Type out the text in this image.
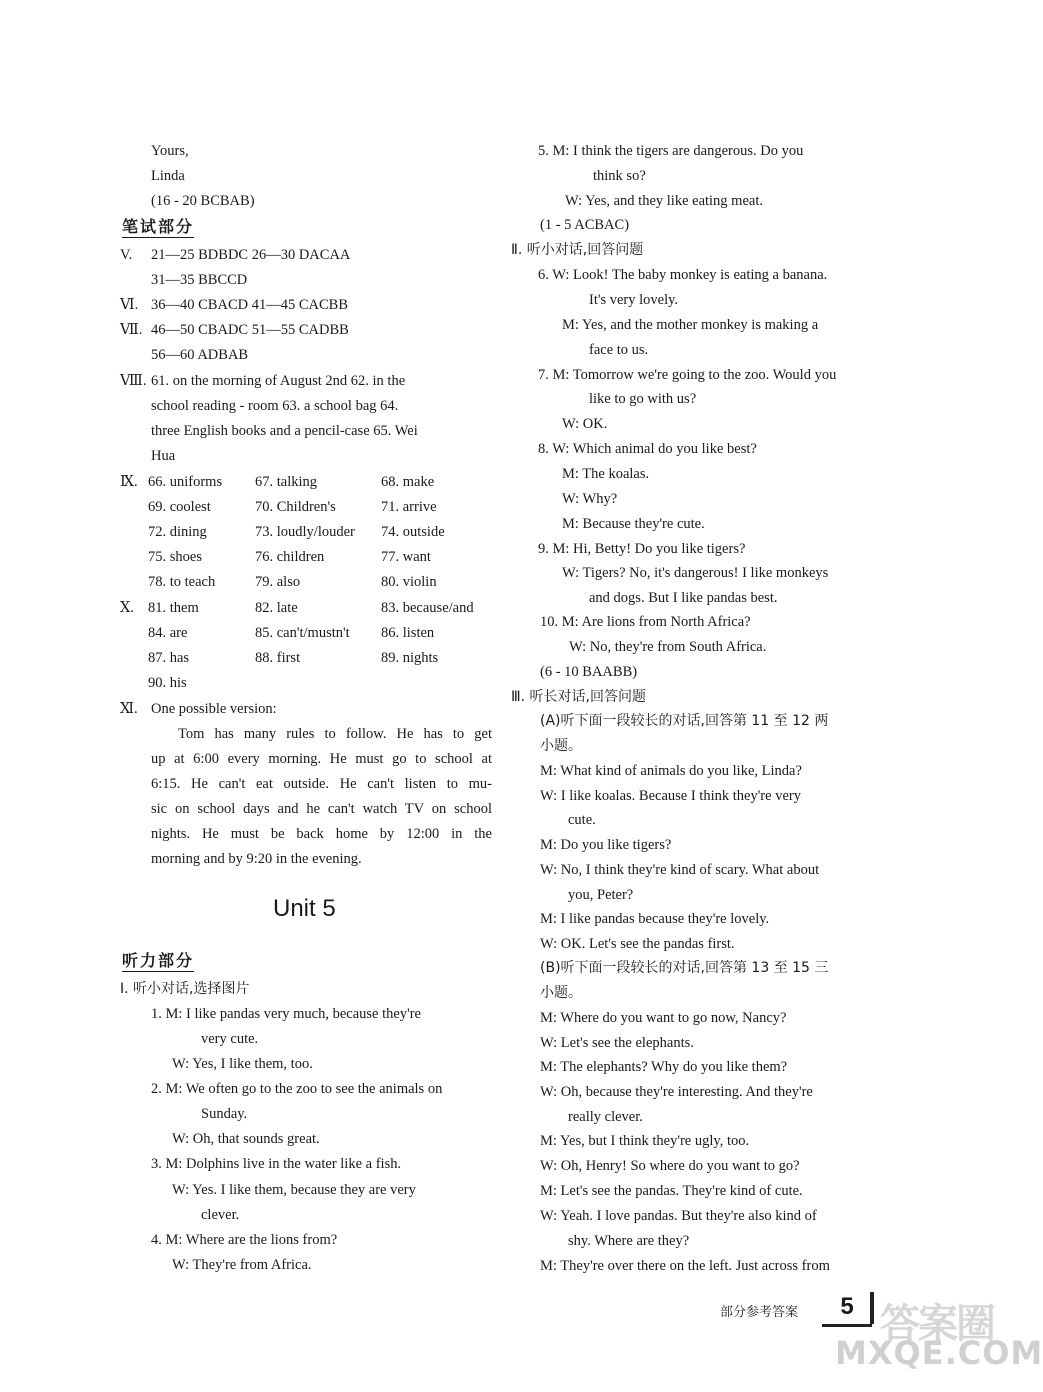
Yours,
Linda
(16 - 20 BCBAB)
笔试部分
V. 21—25 BDBDC 26—30 DACAA
31—35 BBCCD
Ⅵ. 36—40 CBACD 41—45 CACBB
Ⅶ. 46—50 CBADC 51—55 CADBB
56—60 ADBAB
Ⅷ. 61. on the morning of August 2nd 62. in the
school reading - room 63. a school bag 64.
three English books and a pencil-case 65. Wei
Hua
Ⅸ. 66. uniforms 67. talking	68. make
69. coolest	70. Children's	71. arrive
72. dining	73. loudly/louder 74. outside
75. shoes	76. children	77. want
78. to teach	79. also	80. violin
Ⅹ. 81. them	82. late	83. because/and
84. are	85. can't/mustn't 86. listen
87. has	88. first	89. nights
90. his
Ⅺ. One possible version:
Tom has many rules to follow. He has to get
up at 6:00 every morning. He must go to school at
6:15. He can't eat outside. He can't listen to mu-
sic on school days and he can't watch TV on school
nights. He must be back home by 12:00 in the
morning and by 9:20 in the evening.
Unit 5
听力部分
Ⅰ. 听小对话,选择图片
1. M: I like pandas very much, because they're
very cute.
W: Yes, I like them, too.
2. M: We often go to the zoo to see the animals on
Sunday.
W: Oh, that sounds great.
3. M: Dolphins live in the water like a fish.
W: Yes. I like them, because they are very
clever.
4. M: Where are the lions from?
W: They're from Africa.
5. M: I think the tigers are dangerous. Do you
think so?
W: Yes, and they like eating meat.
(1 - 5 ACBAC)
Ⅱ. 听小对话,回答问题
6. W: Look! The baby monkey is eating a banana.
It's very lovely.
M: Yes, and the mother monkey is making a
face to us.
7. M: Tomorrow we're going to the zoo. Would you
like to go with us?
W: OK.
8. W: Which animal do you like best?
M: The koalas.
W: Why?
M: Because they're cute.
9. M: Hi, Betty! Do you like tigers?
W: Tigers? No, it's dangerous! I like monkeys
and dogs. But I like pandas best.
10. M: Are lions from North Africa?
W: No, they're from South Africa.
(6 - 10 BAABB)
Ⅲ. 听长对话,回答问题
(A)听下面一段较长的对话,回答第 11 至 12 两
小题。
M: What kind of animals do you like, Linda?
W: I like koalas. Because I think they're very
cute.
M: Do you like tigers?
W: No, I think they're kind of scary. What about
you, Peter?
M: I like pandas because they're lovely.
W: OK. Let's see the pandas first.
(B)听下面一段较长的对话,回答第 13 至 15 三
小题。
M: Where do you want to go now, Nancy?
W: Let's see the elephants.
M: The elephants? Why do you like them?
W: Oh, because they're interesting. And they're
really clever.
M: Yes, but I think they're ugly, too.
W: Oh, Henry! So where do you want to go?
M: Let's see the pandas. They're kind of cute.
W: Yeah. I love pandas. But they're also kind of
shy. Where are they?
M: They're over there on the left. Just across from
部分参考答案	5 答案圈
MXQE.COM
